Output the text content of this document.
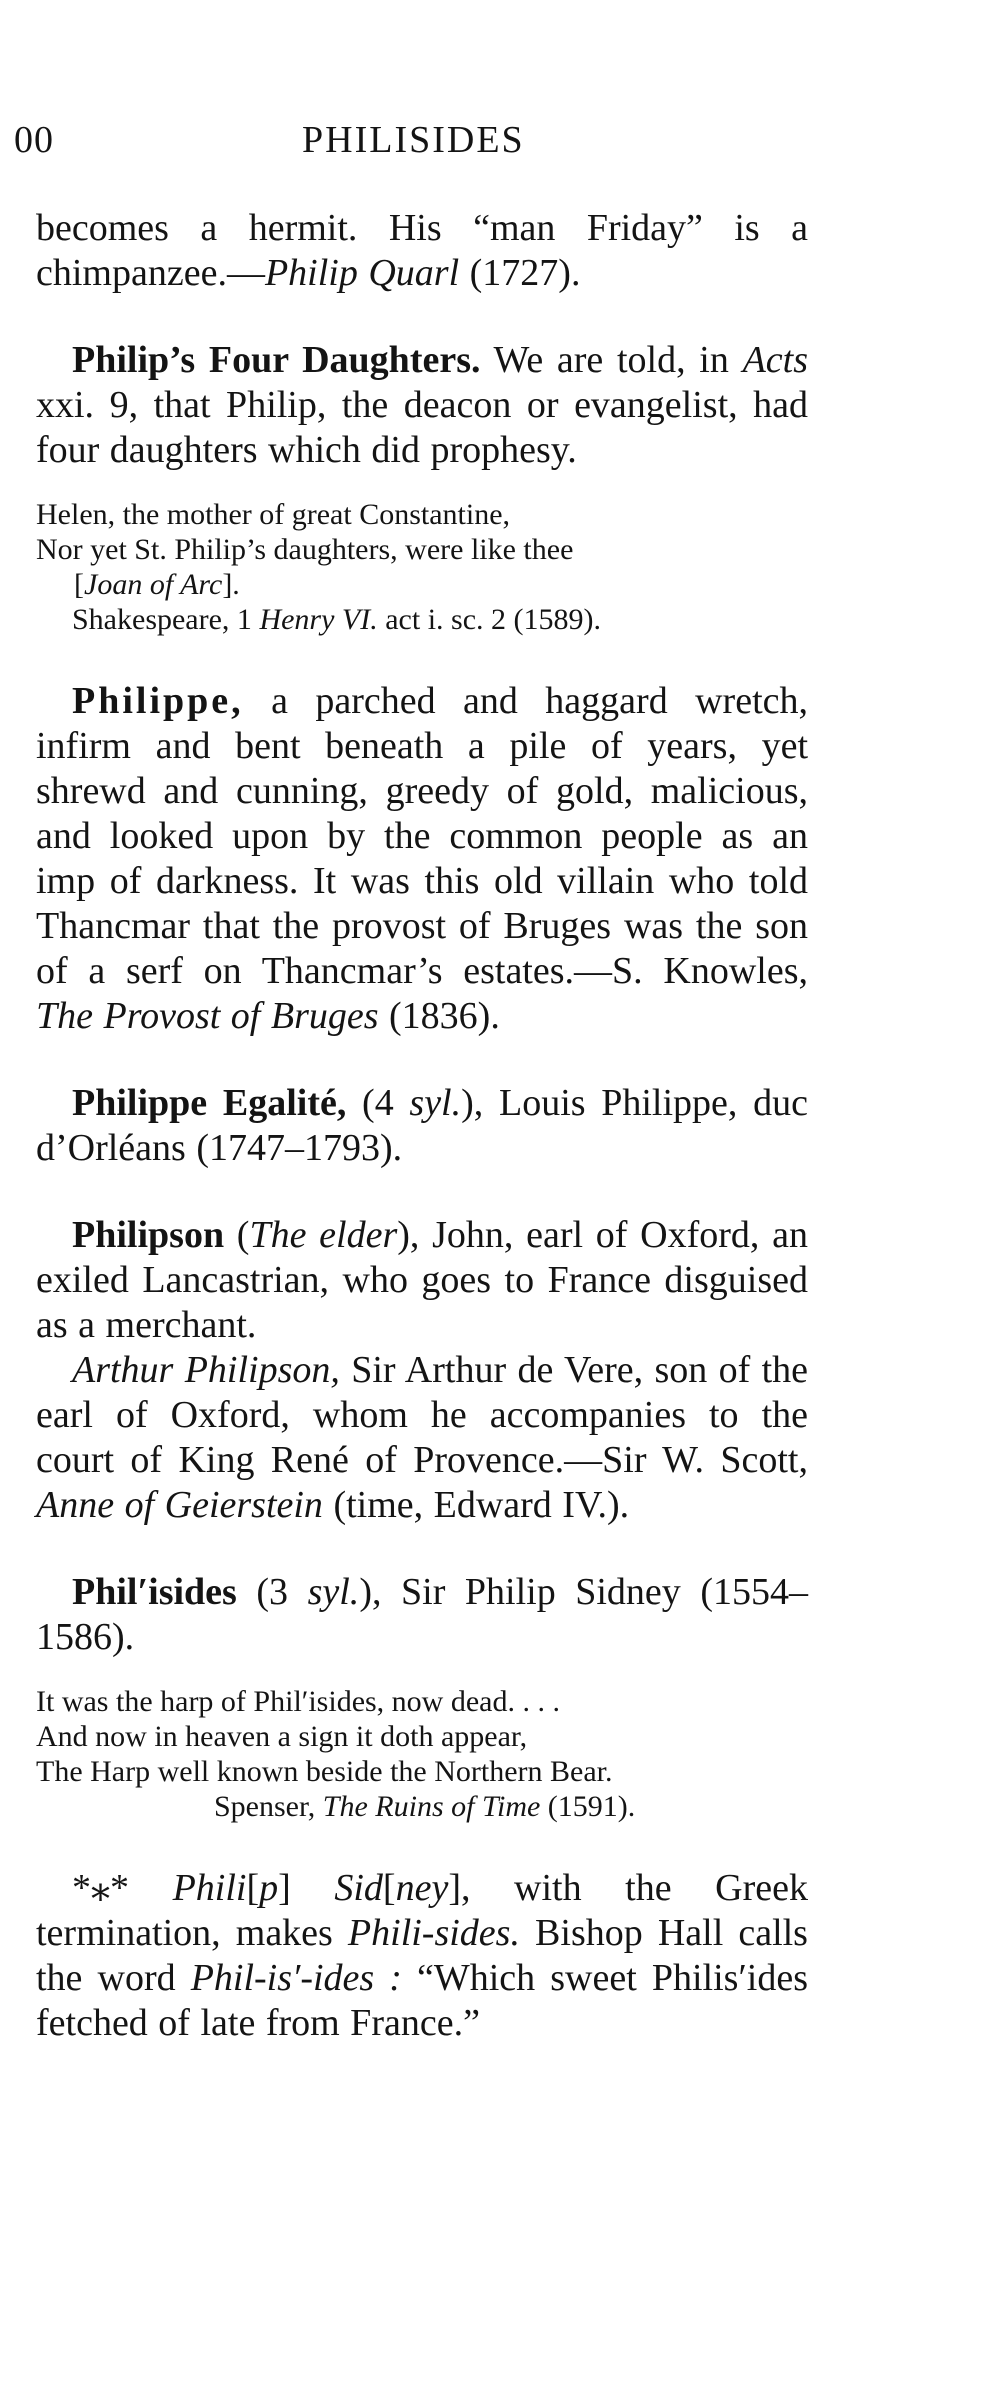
00	PHILISIDES

becomes a hermit. His “man Friday” is a chimpanzee.—Philip Quarl (1727).

Philip’s Four Daughters. We are told, in Acts xxi. 9, that Philip, the deacon or evangelist, had four daughters which did prophesy.

Helen, the mother of great Constantine,
Nor yet St. Philip’s daughters, were like thee
[Joan of Arc].
Shakespeare, 1 Henry VI. act i. sc. 2 (1589).

Philippe, a parched and haggard wretch, infirm and bent beneath a pile of years, yet shrewd and cunning, greedy of gold, malicious, and looked upon by the common people as an imp of darkness. It was this old villain who told Thancmar that the provost of Bruges was the son of a serf on Thancmar’s estates.—S. Knowles, The Provost of Bruges (1836).

Philippe Egalité, (4 syl.), Louis Philippe, duc d’Orléans (1747–1793).

Philipson (The elder), John, earl of Oxford, an exiled Lancastrian, who goes to France disguised as a merchant.

Arthur Philipson, Sir Arthur de Vere, son of the earl of Oxford, whom he accompanies to the court of King René of Provence.—Sir W. Scott, Anne of Geierstein (time, Edward IV.).

Phil′isides (3 syl.), Sir Philip Sidney (1554–1586).

It was the harp of Phil′isides, now dead. . . .
And now in heaven a sign it doth appear,
The Harp well known beside the Northern Bear.
Spenser, The Ruins of Time (1591).

*⁎* Phili[p] Sid[ney], with the Greek termination, makes Phili-sides. Bishop Hall calls the word Phil-is′-ides : “Which sweet Philis′ides fetched of late from France.”
